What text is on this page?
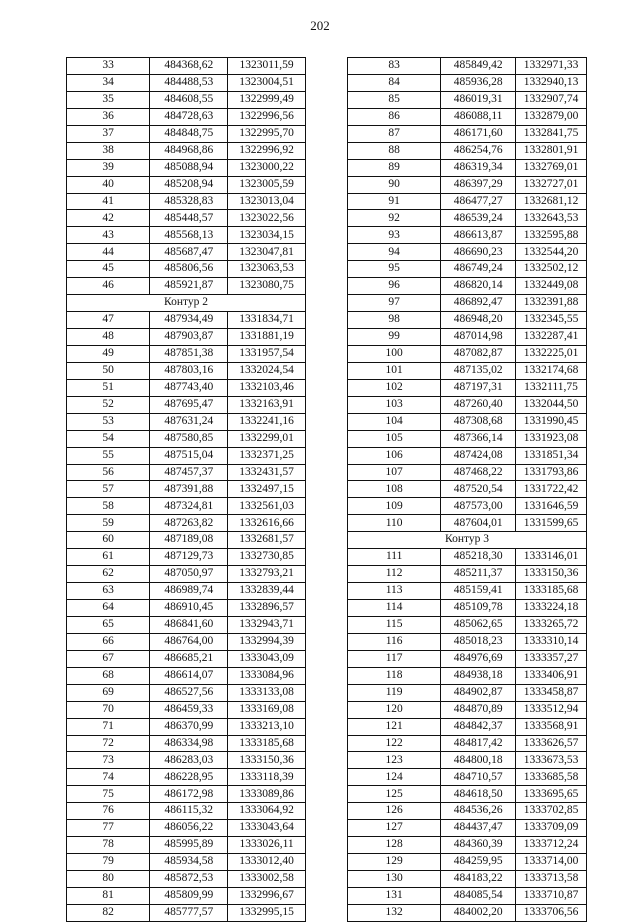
202
33	484368,62	1323011,59
34	484488,53	1323004,51
35	484608,55	1322999,49
36	484728,63	1322996,56
37	484848,75	1322995,70
38	484968,86	1322996,92
39	485088,94	1323000,22
40	485208,94	1323005,59
41	485328,83	1323013,04
42	485448,57	1323022,56
43	485568,13	1323034,15
44	485687,47	1323047,81
45	485806,56	1323063,53
46	485921,87	1323080,75
Контур 2		
47	487934,49	1331834,71
48	487903,87	1331881,19
49	487851,38	1331957,54
50	487803,16	1332024,54
51	487743,40	1332103,46
52	487695,47	1332163,91
53	487631,24	1332241,16
54	487580,85	1332299,01
55	487515,04	1332371,25
56	487457,37	1332431,57
57	487391,88	1332497,15
58	487324,81	1332561,03
59	487263,82	1332616,66
60	487189,08	1332681,57
61	487129,73	1332730,85
62	487050,97	1332793,21
63	486989,74	1332839,44
64	486910,45	1332896,57
65	486841,60	1332943,71
66	486764,00	1332994,39
67	486685,21	1333043,09
68	486614,07	1333084,96
69	486527,56	1333133,08
70	486459,33	1333169,08
71	486370,99	1333213,10
72	486334,98	1333185,68
73	486283,03	1333150,36
74	486228,95	1333118,39
75	486172,98	1333089,86
76	486115,32	1333064,92
77	486056,22	1333043,64
78	485995,89	1333026,11
79	485934,58	1333012,40
80	485872,53	1333002,58
81	485809,99	1332996,67
82	485777,57	1332995,15
83	485849,42	1332971,33
84	485936,28	1332940,13
85	486019,31	1332907,74
86	486088,11	1332879,00
87	486171,60	1332841,75
88	486254,76	1332801,91
89	486319,34	1332769,01
90	486397,29	1332727,01
91	486477,27	1332681,12
92	486539,24	1332643,53
93	486613,87	1332595,88
94	486690,23	1332544,20
95	486749,24	1332502,12
96	486820,14	1332449,08
97	486892,47	1332391,88
98	486948,20	1332345,55
99	487014,98	1332287,41
100	487082,87	1332225,01
101	487135,02	1332174,68
102	487197,31	1332111,75
103	487260,40	1332044,50
104	487308,68	1331990,45
105	487366,14	1331923,08
106	487424,08	1331851,34
107	487468,22	1331793,86
108	487520,54	1331722,42
109	487573,00	1331646,59
110	487604,01	1331599,65
Контур 3		
111	485218,30	1333146,01
112	485211,37	1333150,36
113	485159,41	1333185,68
114	485109,78	1333224,18
115	485062,65	1333265,72
116	485018,23	1333310,14
117	484976,69	1333357,27
118	484938,18	1333406,91
119	484902,87	1333458,87
120	484870,89	1333512,94
121	484842,37	1333568,91
122	484817,42	1333626,57
123	484800,18	1333673,53
124	484710,57	1333685,58
125	484618,50	1333695,65
126	484536,26	1333702,85
127	484437,47	1333709,09
128	484360,39	1333712,24
129	484259,95	1333714,00
130	484183,22	1333713,58
131	484085,54	1333710,87
132	484002,20	1333706,56
